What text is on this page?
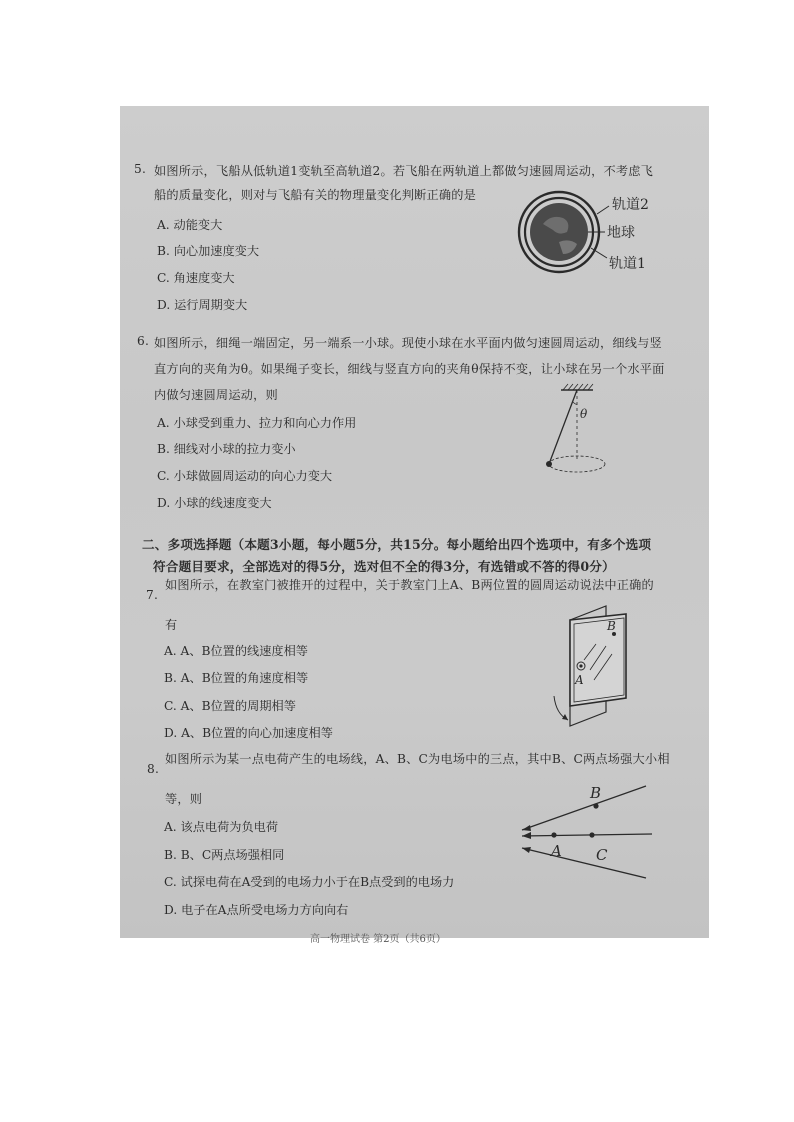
5. 如图所示，飞船从低轨道1变轨至高轨道2。若飞船在两轨道上都做匀速圆周运动，不考虑飞
船的质量变化，则对与飞船有关的物理量变化判断正确的是
A. 动能变大
B. 向心加速度变大
C. 角速度变大
D. 运行周期变大
轨道2
地球
轨道1
6. 如图所示，细绳一端固定，另一端系一小球。现使小球在水平面内做匀速圆周运动，细线与竖
直方向的夹角为θ。如果绳子变长，细线与竖直方向的夹角θ保持不变，让小球在另一个水平面
内做匀速圆周运动，则
A. 小球受到重力、拉力和向心力作用
B. 细线对小球的拉力变小
C. 小球做圆周运动的向心力变大
D. 小球的线速度变大
θ
二、多项选择题（本题3小题，每小题5分，共15分。每小题给出四个选项中，有多个选项
符合题目要求，全部选对的得5分，选对但不全的得3分，有选错或不答的得0分）
7.
如图所示，在教室门被推开的过程中，关于教室门上A、B两位置的圆周运动说法中正确的
有
A. A、B位置的线速度相等
B. A、B位置的角速度相等
C. A、B位置的周期相等
D. A、B位置的向心加速度相等
B
A
8.
如图所示为某一点电荷产生的电场线，A、B、C为电场中的三点，其中B、C两点场强大小相
等，则
A. 该点电荷为负电荷
B. B、C两点场强相同
C. 试探电荷在A受到的电场力小于在B点受到的电场力
D. 电子在A点所受电场力方向向右
B
A C
高一物理试卷 第2页（共6页）
